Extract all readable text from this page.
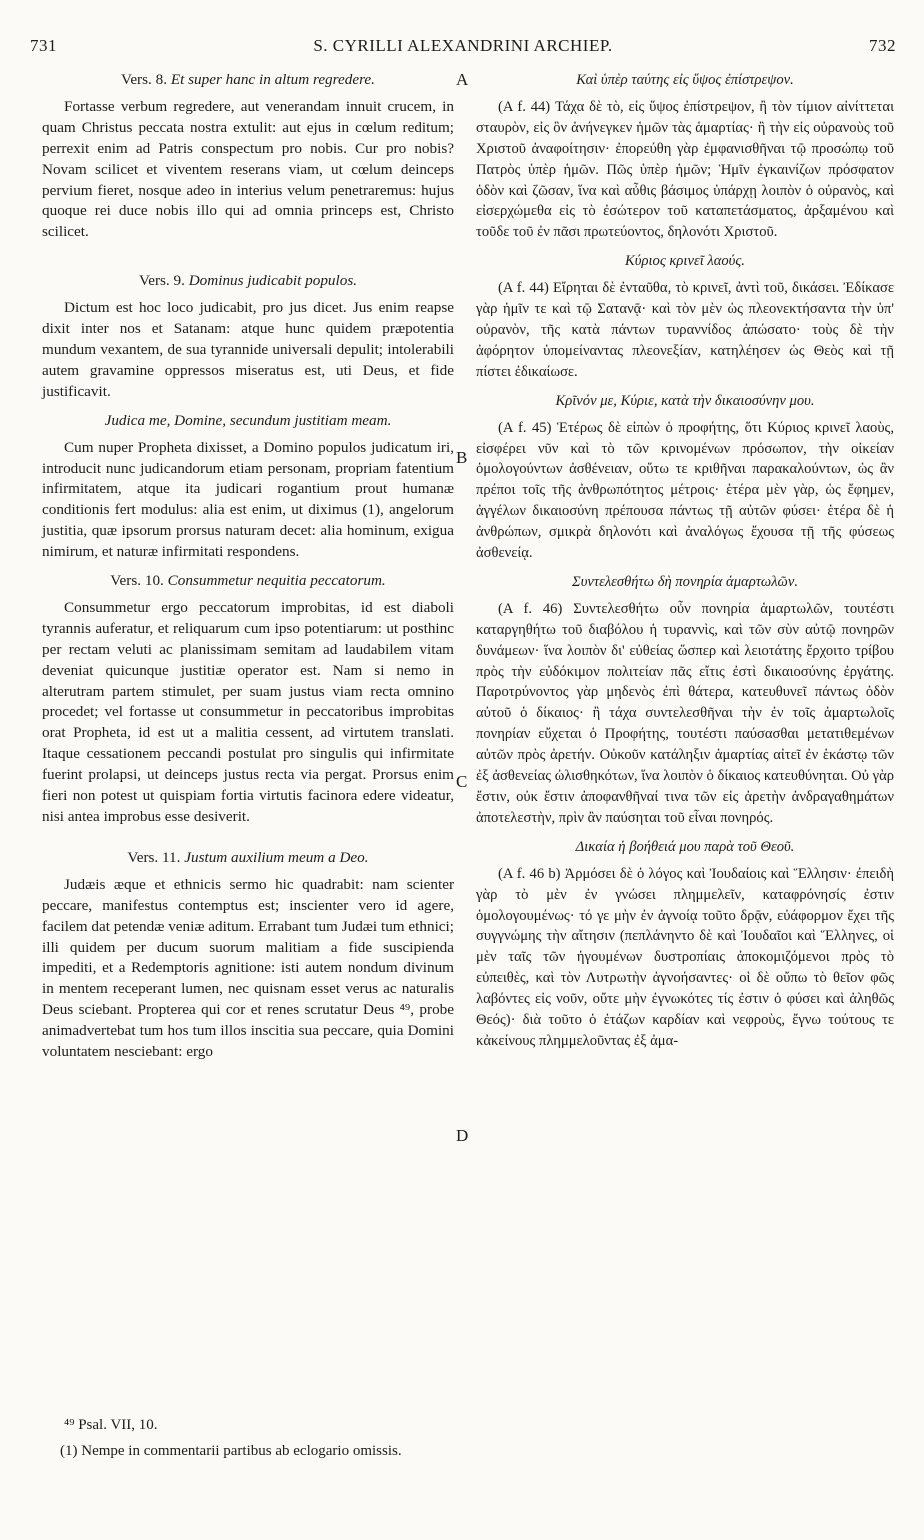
731	S. CYRILLI ALEXANDRINI ARCHIEP.	732
Vers. 8. Et super hanc in altum regredere.

Fortasse verbum regredere, aut venerandam innuit crucem, in quam Christus peccata nostra extulit: aut ejus in cœlum reditum; perrexit enim ad Patris conspectum pro nobis. Cur pro nobis? Novam scilicet et viventem reserans viam, ut cœlum deinceps pervium fieret, nosque adeo in interius velum penetraremus: hujus quoque rei duce nobis illo qui ad omnia princeps est, Christo scilicet.

Vers. 9. Dominus judicabit populos.

Dictum est hoc loco judicabit, pro jus dicet. Jus enim reapse dixit inter nos et Satanam: atque hunc quidem præpotentia mundum vexantem, de sua tyrannide universali depulit; intolerabili autem gravamine oppressos miseratus est, uti Deus, et fide justificavit.

Judica me, Domine, secundum justitiam meam.

Cum nuper Propheta dixisset, a Domino populos judicatum iri, introducit nunc judicandorum etiam personam, propriam fatentium infirmitatem, atque ita judicari rogantium prout humanæ conditionis fert modulus: alia est enim, ut diximus (1), angelorum justitia, quæ ipsorum prorsus naturam decet: alia hominum, exigua nimirum, et naturæ infirmitati respondens.

Vers. 10. Consummetur nequitia peccatorum.

Consummetur ergo peccatorum improbitas, id est diaboli tyrannis auferatur, et reliquarum cum ipso potentiarum: ut posthinc per rectam veluti ac planissimam semitam ad laudabilem vitam deveniat quicunque justitiæ operator est. Nam si nemo in alterutram partem stimulet, per suam justus viam recta omnino procedet; vel fortasse ut consummetur in peccatoribus improbitas orat Propheta, id est ut a malitia cessent, ad virtutem translati. Itaque cessationem peccandi postulat pro singulis qui infirmitate fuerint prolapsi, ut deinceps justus recta via pergat. Prorsus enim fieri non potest ut quispiam fortia virtutis facinora edere videatur, nisi antea improbus esse desiverit.

Vers. 11. Justum auxilium meum a Deo.

Judæis æque et ethnicis sermo hic quadrabit: nam scienter peccare, manifestus contemptus est; inscienter vero id agere, facilem dat petendæ veniæ aditum. Errabant tum Judæi tum ethnici; illi quidem per ducum suorum malitiam a fide suscipienda impediti, et a Redemptoris agnitione: isti autem nondum divinum in mentem receperant lumen, nec quisnam esset verus ac naturalis Deus sciebant. Propterea qui cor et renes scrutatur Deus ⁴⁹, probe animadvertebat tum hos tum illos inscitia sua peccare, quia Domini voluntatem nesciebant: ergo

A
B
C
D
Καὶ ὑπὲρ ταύτης εἰς ὕψος ἐπίστρεψον.

(A f. 44) Τάχα δὲ τὸ, εἰς ὕψος ἐπίστρεψον, ἢ τὸν τίμιον αἰνίττεται σταυρὸν, εἰς ὃν ἀνήνεγκεν ἡμῶν τὰς ἁμαρτίας· ἢ τὴν εἰς οὐρανοὺς τοῦ Χριστοῦ ἀναφοίτησιν· ἐπορεύθη γὰρ ἐμφανισθῆναι τῷ προσώπῳ τοῦ Πατρὸς ὑπὲρ ἡμῶν. Πῶς ὑπὲρ ἡμῶν; Ἡμῖν ἐγκαινίζων πρόσφατον ὁδὸν καὶ ζῶσαν, ἵνα καὶ αὖθις βάσιμος ὑπάρχῃ λοιπὸν ὁ οὐρανὸς, καὶ εἰσερχώμεθα εἰς τὸ ἐσώτερον τοῦ καταπετάσματος, ἀρξαμένου καὶ τοῦδε τοῦ ἐν πᾶσι πρωτεύοντος, δηλονότι Χριστοῦ.

Κύριος κρινεῖ λαούς.

(A f. 44) Εἴρηται δὲ ἐνταῦθα, τὸ κρινεῖ, ἀντὶ τοῦ, δικάσει. Ἐδίκασε γὰρ ἡμῖν τε καὶ τῷ Σατανᾷ· καὶ τὸν μὲν ὡς πλεονεκτήσαντα τὴν ὑπ' οὐρανὸν, τῆς κατὰ πάντων τυραννίδος ἀπώσατο· τοὺς δὲ τὴν ἀφόρητον ὑπομείναντας πλεονεξίαν, κατηλέησεν ὡς Θεὸς καὶ τῇ πίστει ἐδικαίωσε.

Κρῖνόν με, Κύριε, κατὰ τὴν δικαιοσύνην μου.

(A f. 45) Ἑτέρως δὲ εἰπὼν ὁ προφήτης, ὅτι Κύριος κρινεῖ λαοὺς, εἰσφέρει νῦν καὶ τὸ τῶν κρινομένων πρόσωπον, τὴν οἰκείαν ὁμολογούντων ἀσθένειαν, οὕτω τε κριθῆναι παρακαλούντων, ὡς ἂν πρέποι τοῖς τῆς ἀνθρωπότητος μέτροις· ἑτέρα μὲν γὰρ, ὡς ἔφημεν, ἀγγέλων δικαιοσύνη πρέπουσα πάντως τῇ αὐτῶν φύσει· ἑτέρα δὲ ἡ ἀνθρώπων, σμικρὰ δηλονότι καὶ ἀναλόγως ἔχουσα τῇ τῆς φύσεως ἀσθενείᾳ.

Συντελεσθήτω δὴ πονηρία ἁμαρτωλῶν.

(A f. 46) Συντελεσθήτω οὖν πονηρία ἁμαρτωλῶν, τουτέστι καταργηθήτω τοῦ διαβόλου ἡ τυραννὶς, καὶ τῶν σὺν αὐτῷ πονηρῶν δυνάμεων· ἵνα λοιπὸν δι' εὐθείας ὥσπερ καὶ λειοτάτης ἔρχοιτο τρίβου πρὸς τὴν εὐδόκιμον πολιτείαν πᾶς εἴτις ἐστὶ δικαιοσύνης ἐργάτης. Παροτρύνοντος γὰρ μηδενὸς ἐπὶ θάτερα, κατευθυνεῖ πάντως ὁδὸν αὐτοῦ ὁ δίκαιος· ἢ τάχα συντελεσθῆναι τὴν ἐν τοῖς ἁμαρτωλοῖς πονηρίαν εὔχεται ὁ Προφήτης, τουτέστι παύσασθαι μετατιθεμένων αὐτῶν πρὸς ἀρετήν. Οὐκοῦν κατάληξιν ἁμαρτίας αἰτεῖ ἐν ἑκάστῳ τῶν ἐξ ἀσθενείας ὠλισθηκότων, ἵνα λοιπὸν ὁ δίκαιος κατευθύνηται. Οὐ γὰρ ἔστιν, οὐκ ἔστιν ἀποφανθῆναί τινα τῶν εἰς ἀρετὴν ἀνδραγαθημάτων ἀποτελεστὴν, πρὶν ἂν παύσηται τοῦ εἶναι πονηρός.

Δικαία ἡ βοήθειά μου παρὰ τοῦ Θεοῦ.

(A f. 46 b) Ἁρμόσει δὲ ὁ λόγος καὶ Ἰουδαίοις καὶ Ἕλλησιν· ἐπειδὴ γὰρ τὸ μὲν ἐν γνώσει πλημμελεῖν, καταφρόνησίς ἐστιν ὁμολογουμένως· τό γε μὴν ἐν ἀγνοίᾳ τοῦτο δρᾷν, εὐάφορμον ἔχει τῆς συγγνώμης τὴν αἴτησιν (πεπλάνηντο δὲ καὶ Ἰουδαῖοι καὶ Ἕλληνες, οἱ μὲν ταῖς τῶν ἡγουμένων δυστροπίαις ἀποκομιζόμενοι πρὸς τὸ εὐπειθὲς, καὶ τὸν Λυτρωτὴν ἀγνοήσαντες· οἱ δὲ οὔπω τὸ θεῖον φῶς λαβόντες εἰς νοῦν, οὔτε μὴν ἐγνωκότες τίς ἐστιν ὁ φύσει καὶ ἀληθῶς Θεός)· διὰ τοῦτο ὁ ἐτάζων καρδίαν καὶ νεφροὺς, ἔγνω τούτους τε κἀκείνους πλημμελοῦντας ἐξ ἀμα-

⁴⁹ Psal. VII, 10.
(1) Nempe in commentarii partibus ab eclogario omissis.
